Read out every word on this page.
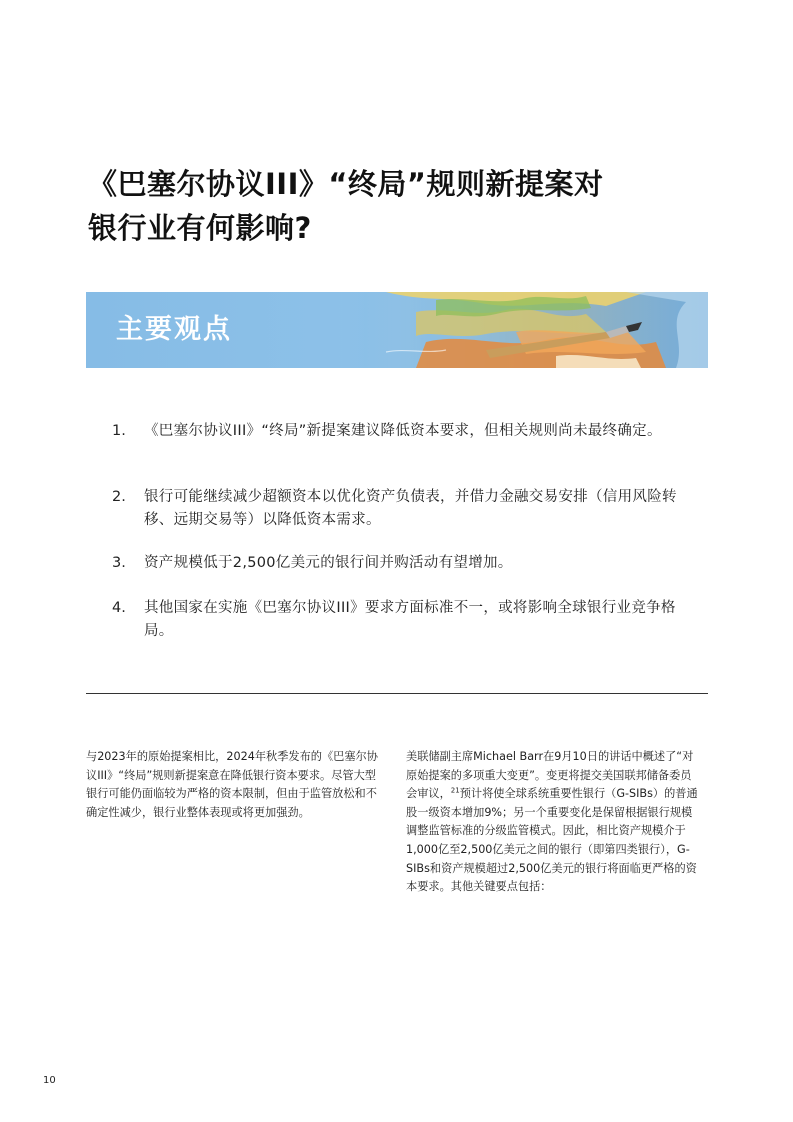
《巴塞尔协议III》“终局”规则新提案对
银行业有何影响?
主要观点
1.	《巴塞尔协议III》“终局”新提案建议降低资本要求，但相关规则尚未最终确定。
2.	银行可能继续减少超额资本以优化资产负债表，并借力金融交易安排（信用风险转移、远期交易等）以降低资本需求。
3.	资产规模低于2,500亿美元的银行间并购活动有望增加。
4.	其他国家在实施《巴塞尔协议III》要求方面标准不一，或将影响全球银行业竞争格局。

与2023年的原始提案相比，2024年秋季发布的《巴塞尔协议III》“终局”规则新提案意在降低银行资本要求。尽管大型银行可能仍面临较为严格的资本限制，但由于监管放松和不确定性减少，银行业整体表现或将更加强劲。

美联储副主席Michael Barr在9月10日的讲话中概述了“对原始提案的多项重大变更”。变更将提交美国联邦储备委员会审议，$^{21}$预计将使全球系统重要性银行（G-SIBs）的普通股一级资本增加9%；另一个重要变化是保留根据银行规模调整监管标准的分级监管模式。因此，相比资产规模介于1,000亿至2,500亿美元之间的银行（即第四类银行），G-SIBs和资产规模超过2,500亿美元的银行将面临更严格的资本要求。其他关键要点包括：

10
